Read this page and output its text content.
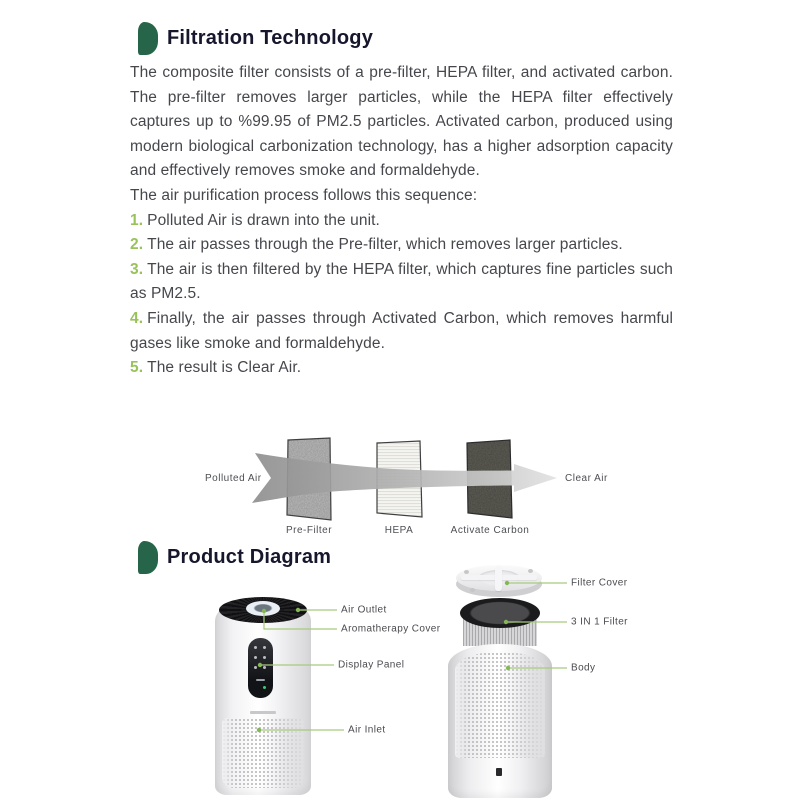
Filtration Technology

The composite filter consists of a pre-filter, HEPA filter, and activated carbon. The pre-filter removes larger particles, while the HEPA filter effectively captures up to %99.95 of PM2.5 particles. Activated carbon, produced using modern biological carbonization technology, has a higher adsorption capacity and effectively removes smoke and formaldehyde.

The air purification process follows this sequence:

1. Polluted Air is drawn into the unit.

2. The air passes through the Pre-filter, which removes larger particles.

3. The air is then filtered by the HEPA filter, which captures fine particles such as PM2.5.

4. Finally, the air passes through Activated Carbon, which removes harmful gases like smoke and formaldehyde.

5. The result is Clear Air.

Polluted Air	Clear Air
Pre-Filter	HEPA	Activate Carbon
Product Diagram
Air Outlet
Aromatherapy Cover
Display Panel
Air Inlet
Filter Cover
3 IN 1 Filter
Body
